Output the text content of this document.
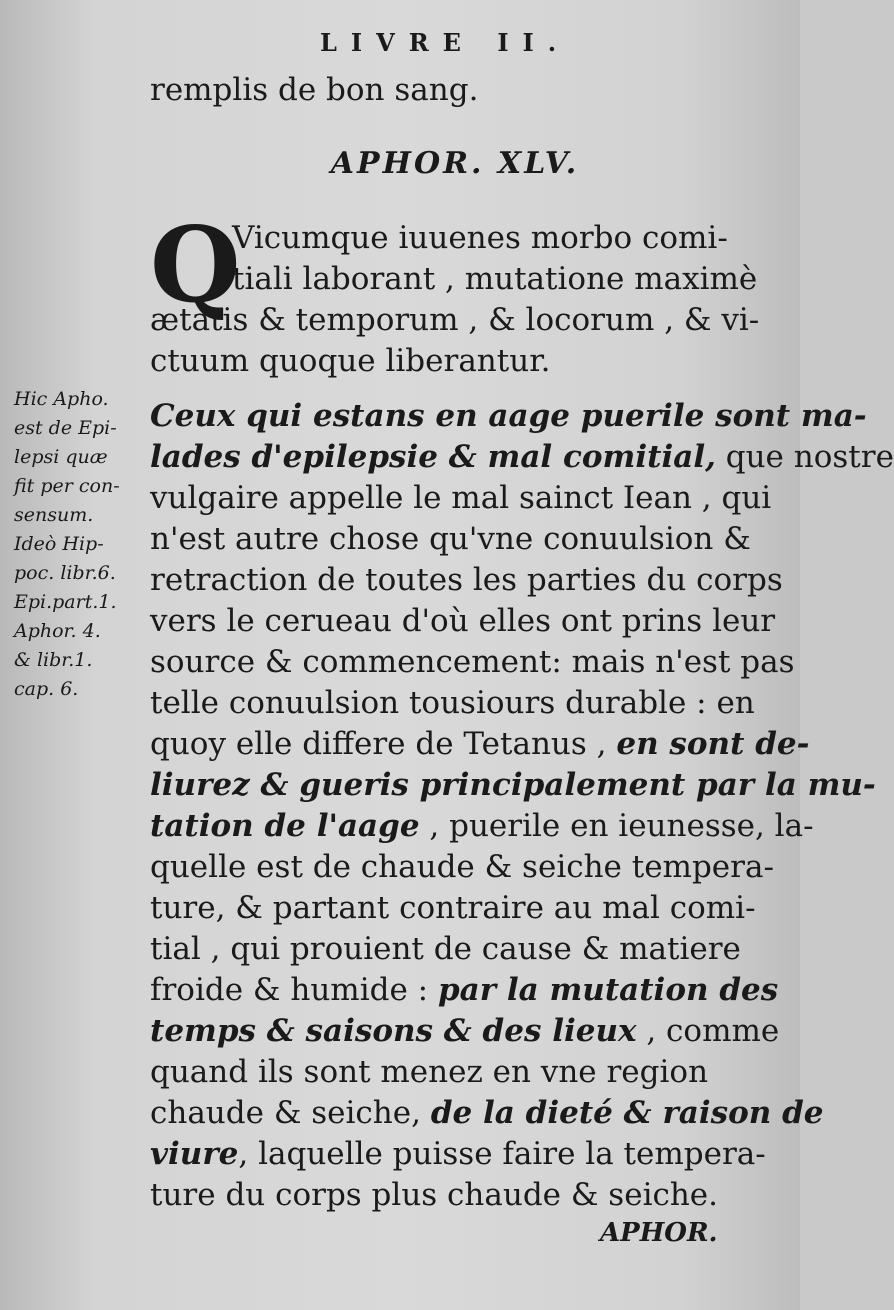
LIVRE II.
Hic Apho.
est de Epi-
lepsi quæ
fit per con-
sensum.
Ideò Hip-
poc. libr.6.
Epi.part.1.
Aphor. 4.
& libr.1.
cap. 6.
remplis de bon sang.
APHOR. XLV.
Q
Vicumque iuuenes morbo comi-
tiali laborant , mutatione maximè
ætatis & temporum , & locorum , & vi-
ctuum quoque liberantur.
Ceux qui estans en aage puerile sont ma-
lades d'epilepsie & mal comitial, que nostre
vulgaire appelle le mal sainct Iean , qui
n'est autre chose qu'vne conuulsion &
retraction de toutes les parties du corps
vers le cerueau d'où elles ont prins leur
source & commencement: mais n'est pas
telle conuulsion tousiours durable : en
quoy elle differe de Tetanus , en sont de-
liurez & gueris principalement par la mu-
tation de l'aage , puerile en ieunesse, la-
quelle est de chaude & seiche tempera-
ture, & partant contraire au mal comi-
tial , qui prouient de cause & matiere
froide & humide : par la mutation des
temps & saisons & des lieux , comme
quand ils sont menez en vne region
chaude & seiche, de la dieté & raison de
viure, laquelle puisse faire la tempera-
ture du corps plus chaude & seiche.
APHOR.
